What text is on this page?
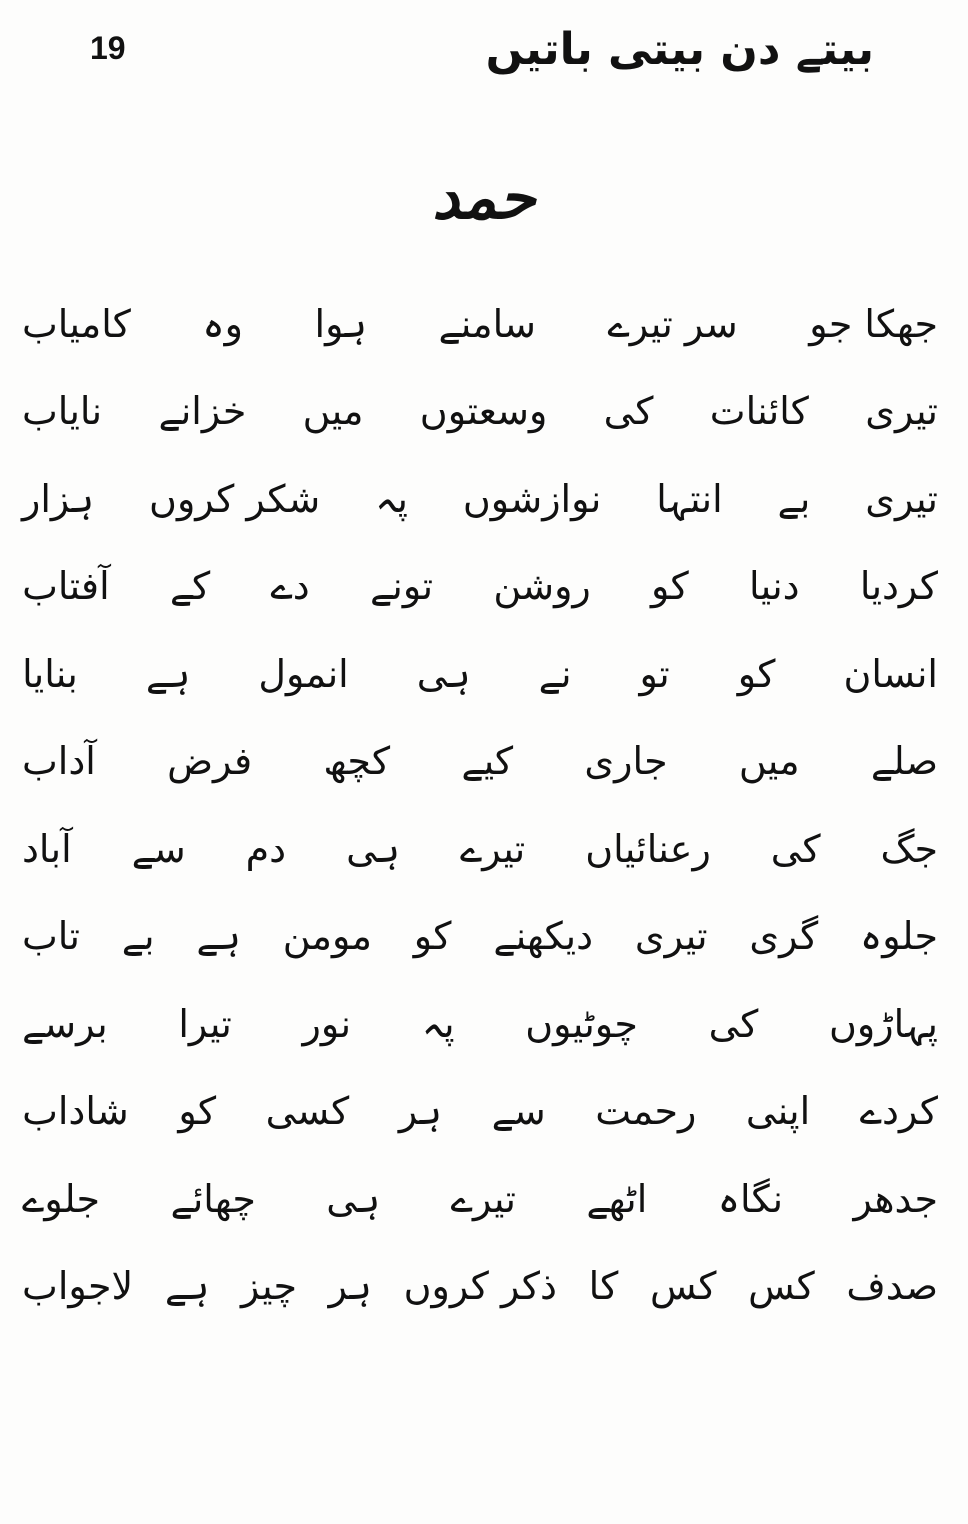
19	بیتے دن بیتی باتیں
حمد
جھکا جو
سر تیرے
سامنے
ہوا
وہ
کامیاب
تیری
کائنات
کی
وسعتوں
میں
خزانے
نایاب
تیری
بے
انتہا
نوازشوں
پہ
شکر کروں
ہزار
کردیا
دنیا
کو
روشن
تونے
دے
کے
آفتاب
انسان
کو
تو
نے
ہی
انمول
ہے
بنایا
صلے
میں
جاری
کیے
کچھ
فرض
آداب
جگ
کی
رعنائیاں
تیرے
ہی
دم
سے
آباد
جلوہ
گری
تیری
دیکھنے
کو
مومن
ہے
بے
تاب
پہاڑوں
کی
چوٹیوں
پہ
نور
تیرا
برسے
کردے
اپنی
رحمت
سے
ہر
کسی
کو
شاداب
جدھر
نگاہ
اٹھے
تیرے
ہی
چھائے
جلوے
صدف
کس
کس
کا
ذکر کروں
ہر
چیز
ہے
لاجواب
